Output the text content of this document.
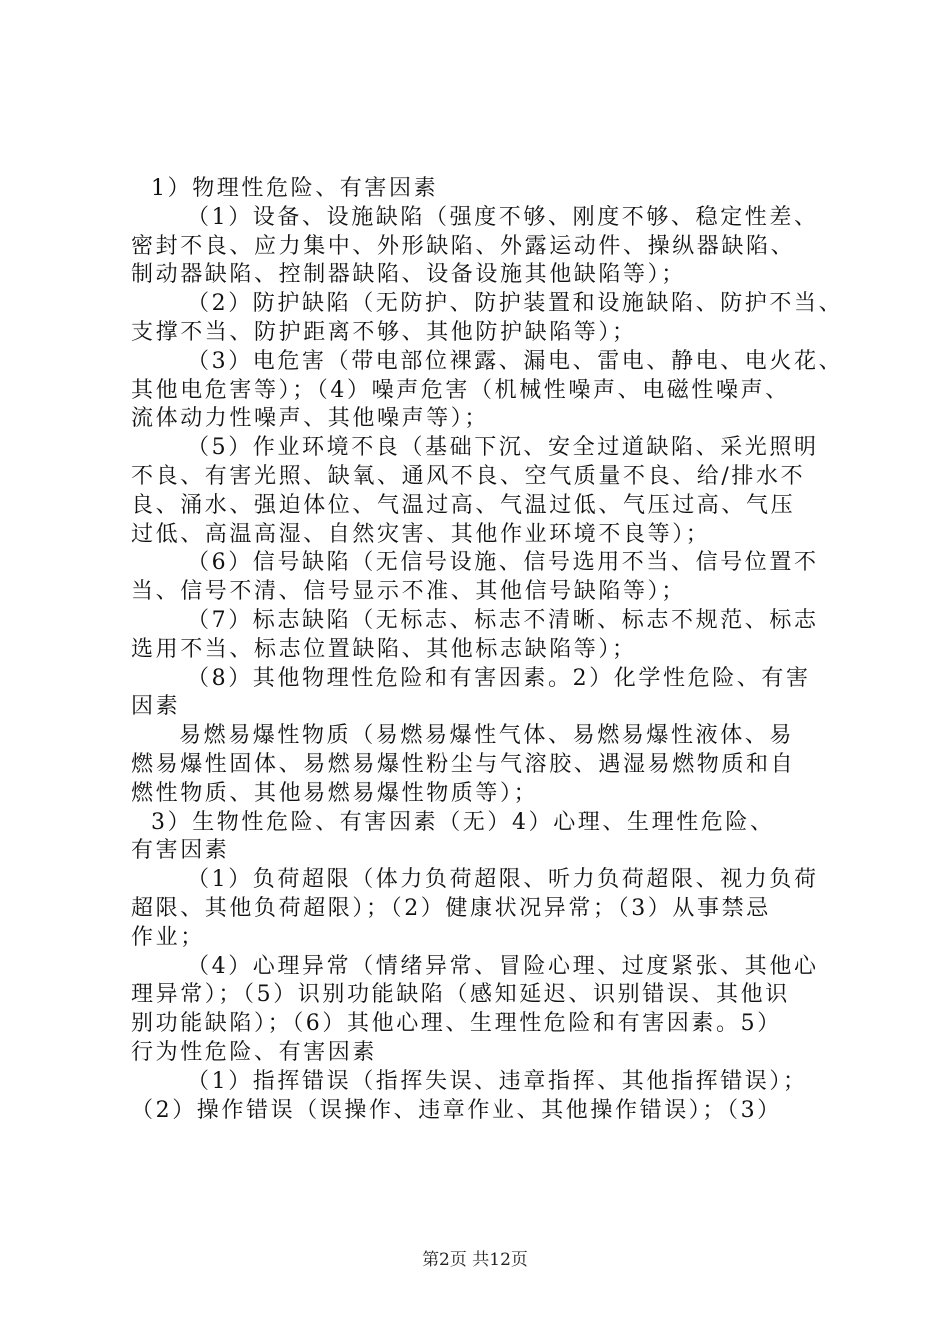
1）物理性危险、有害因素
（1）设备、设施缺陷（强度不够、刚度不够、稳定性差、
密封不良、应力集中、外形缺陷、外露运动件、操纵器缺陷、
制动器缺陷、控制器缺陷、设备设施其他缺陷等）；
（2）防护缺陷（无防护、防护装置和设施缺陷、防护不当、
支撑不当、防护距离不够、其他防护缺陷等）；
（3）电危害（带电部位裸露、漏电、雷电、静电、电火花、
其他电危害等）；（4）噪声危害（机械性噪声、电磁性噪声、
流体动力性噪声、其他噪声等）；
（5）作业环境不良（基础下沉、安全过道缺陷、采光照明
不良、有害光照、缺氧、通风不良、空气质量不良、给/排水不
良、涌水、强迫体位、气温过高、气温过低、气压过高、气压
过低、高温高湿、自然灾害、其他作业环境不良等）；
（6）信号缺陷（无信号设施、信号选用不当、信号位置不
当、信号不清、信号显示不准、其他信号缺陷等）；
（7）标志缺陷（无标志、标志不清晰、标志不规范、标志
选用不当、标志位置缺陷、其他标志缺陷等）；
（8）其他物理性危险和有害因素。2）化学性危险、有害
因素
易燃易爆性物质（易燃易爆性气体、易燃易爆性液体、易
燃易爆性固体、易燃易爆性粉尘与气溶胶、遇湿易燃物质和自
燃性物质、其他易燃易爆性物质等）；
3）生物性危险、有害因素（无）4）心理、生理性危险、
有害因素
（1）负荷超限（体力负荷超限、听力负荷超限、视力负荷
超限、其他负荷超限）；（2）健康状况异常；（3）从事禁忌
作业；
（4）心理异常（情绪异常、冒险心理、过度紧张、其他心
理异常）；（5）识别功能缺陷（感知延迟、识别错误、其他识
别功能缺陷）；（6）其他心理、生理性危险和有害因素。5）
行为性危险、有害因素
（1）指挥错误（指挥失误、违章指挥、其他指挥错误）；
（2）操作错误（误操作、违章作业、其他操作错误）；（3）
第2页 共12页
